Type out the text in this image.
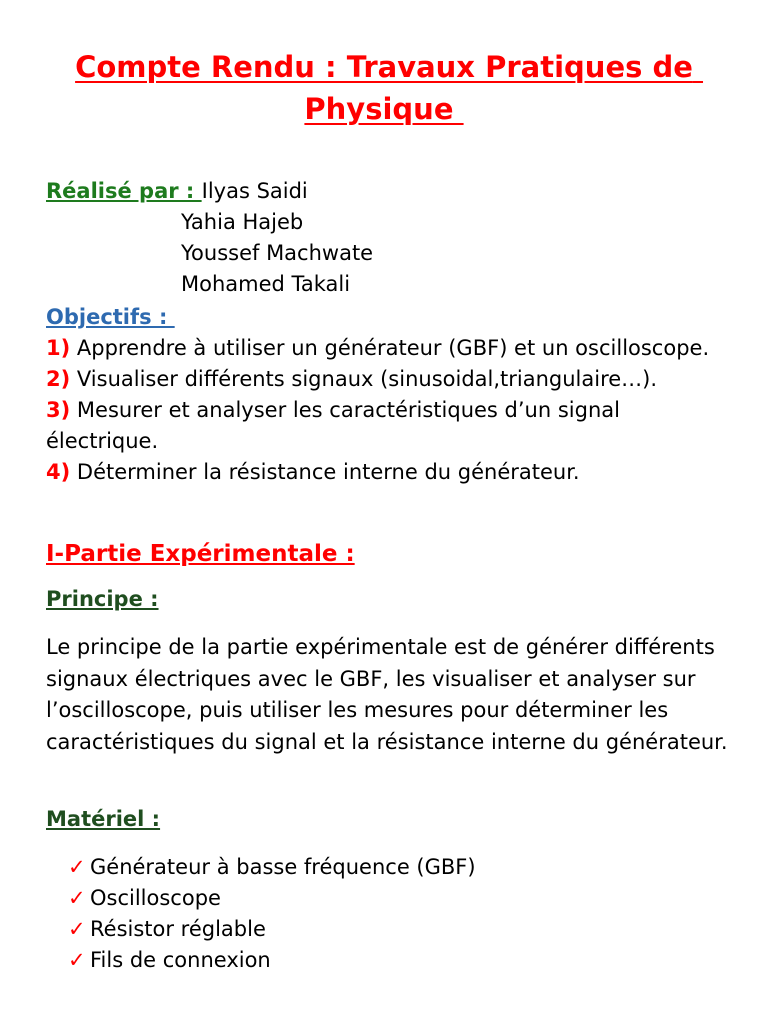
Compte Rendu : Travaux Pratiques de Physique
Réalisé par : Ilyas Saidi
Yahia Hajeb
Youssef Machwate
Mohamed Takali
Objectifs :
1) Apprendre à utiliser un générateur (GBF) et un oscilloscope.
2) Visualiser différents signaux (sinusoidal,triangulaire…).
3) Mesurer et analyser les caractéristiques d’un signal électrique.
4) Déterminer la résistance interne du générateur.
I-Partie Expérimentale :
Principe :

Le principe de la partie expérimentale est de générer différents signaux électriques avec le GBF, les visualiser et analyser sur l’oscilloscope, puis utiliser les mesures pour déterminer les caractéristiques du signal et la résistance interne du générateur.

Matériel :
✓ Générateur à basse fréquence (GBF)
✓ Oscilloscope
✓ Résistor réglable
✓ Fils de connexion
